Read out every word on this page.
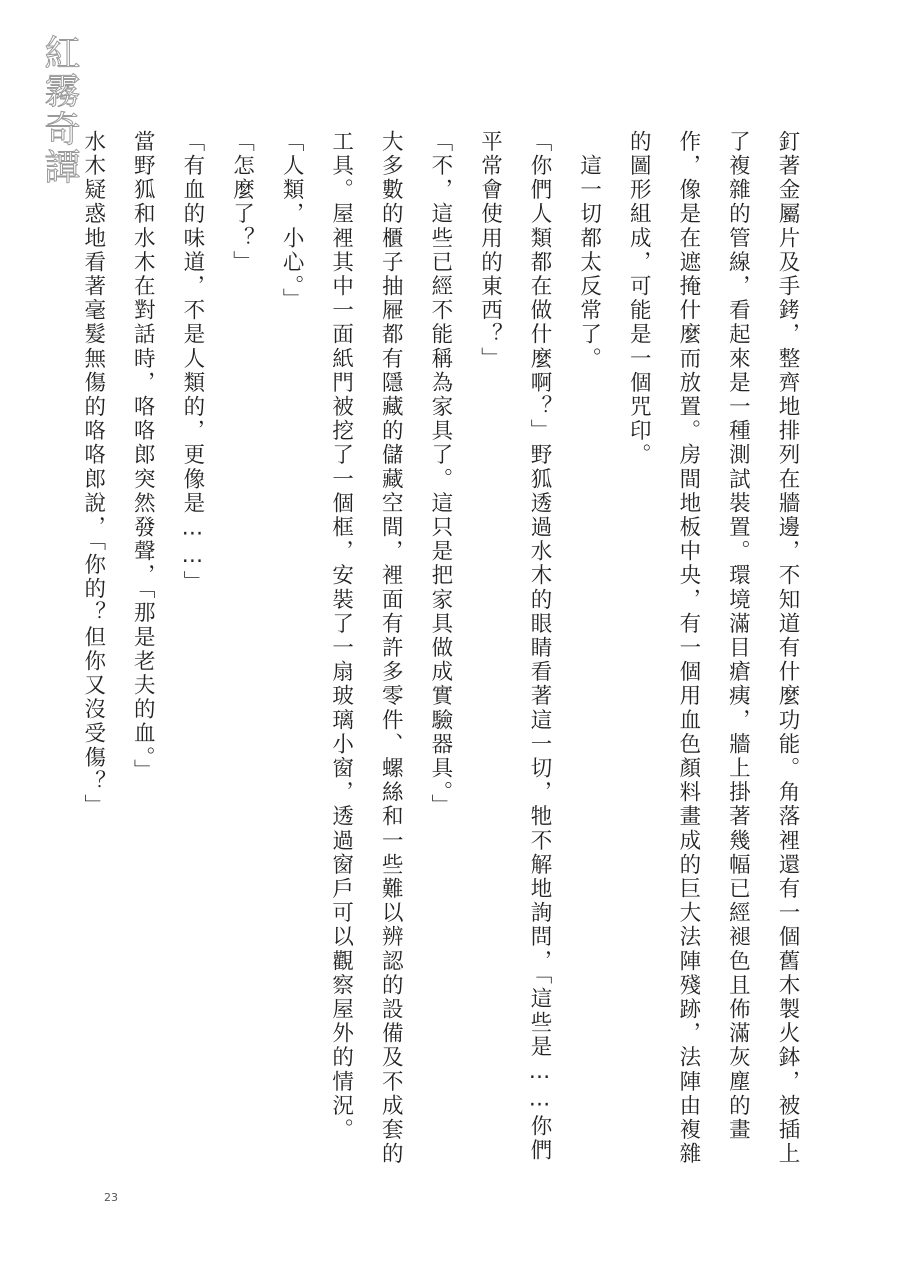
紅霧奇譚

釘著金屬片及手銬，整齊地排列在牆邊，不知道有什麼功能。角落裡還有一個舊木製火鉢，被插上了複雜的管線，看起來是一種測試裝置。環境滿目瘡痍，牆上掛著幾幅已經褪色且佈滿灰塵的畫作，像是在遮掩什麼而放置。房間地板中央，有一個用血色顏料畫成的巨大法陣殘跡，法陣由複雜的圖形組成，可能是一個咒印。

　這一切都太反常了。

「你們人類都在做什麼啊？」野狐透過水木的眼睛看著這一切，牠不解地詢問，「這些是……你們平常會使用的東西？」

「不，這些已經不能稱為家具了。這只是把家具做成實驗器具。」

大多數的櫃子抽屜都有隱藏的儲藏空間，裡面有許多零件、螺絲和一些難以辨認的設備及不成套的工具。屋裡其中一面紙門被挖了一個框，安裝了一扇玻璃小窗，透過窗戶可以觀察屋外的情況。

「人類，小心。」

「怎麼了？」

「有血的味道，不是人類的，更像是……」

當野狐和水木在對話時，咯咯郎突然發聲，「那是老夫的血。」

水木疑惑地看著毫髮無傷的咯咯郎說，「你的？但你又沒受傷？」

23
